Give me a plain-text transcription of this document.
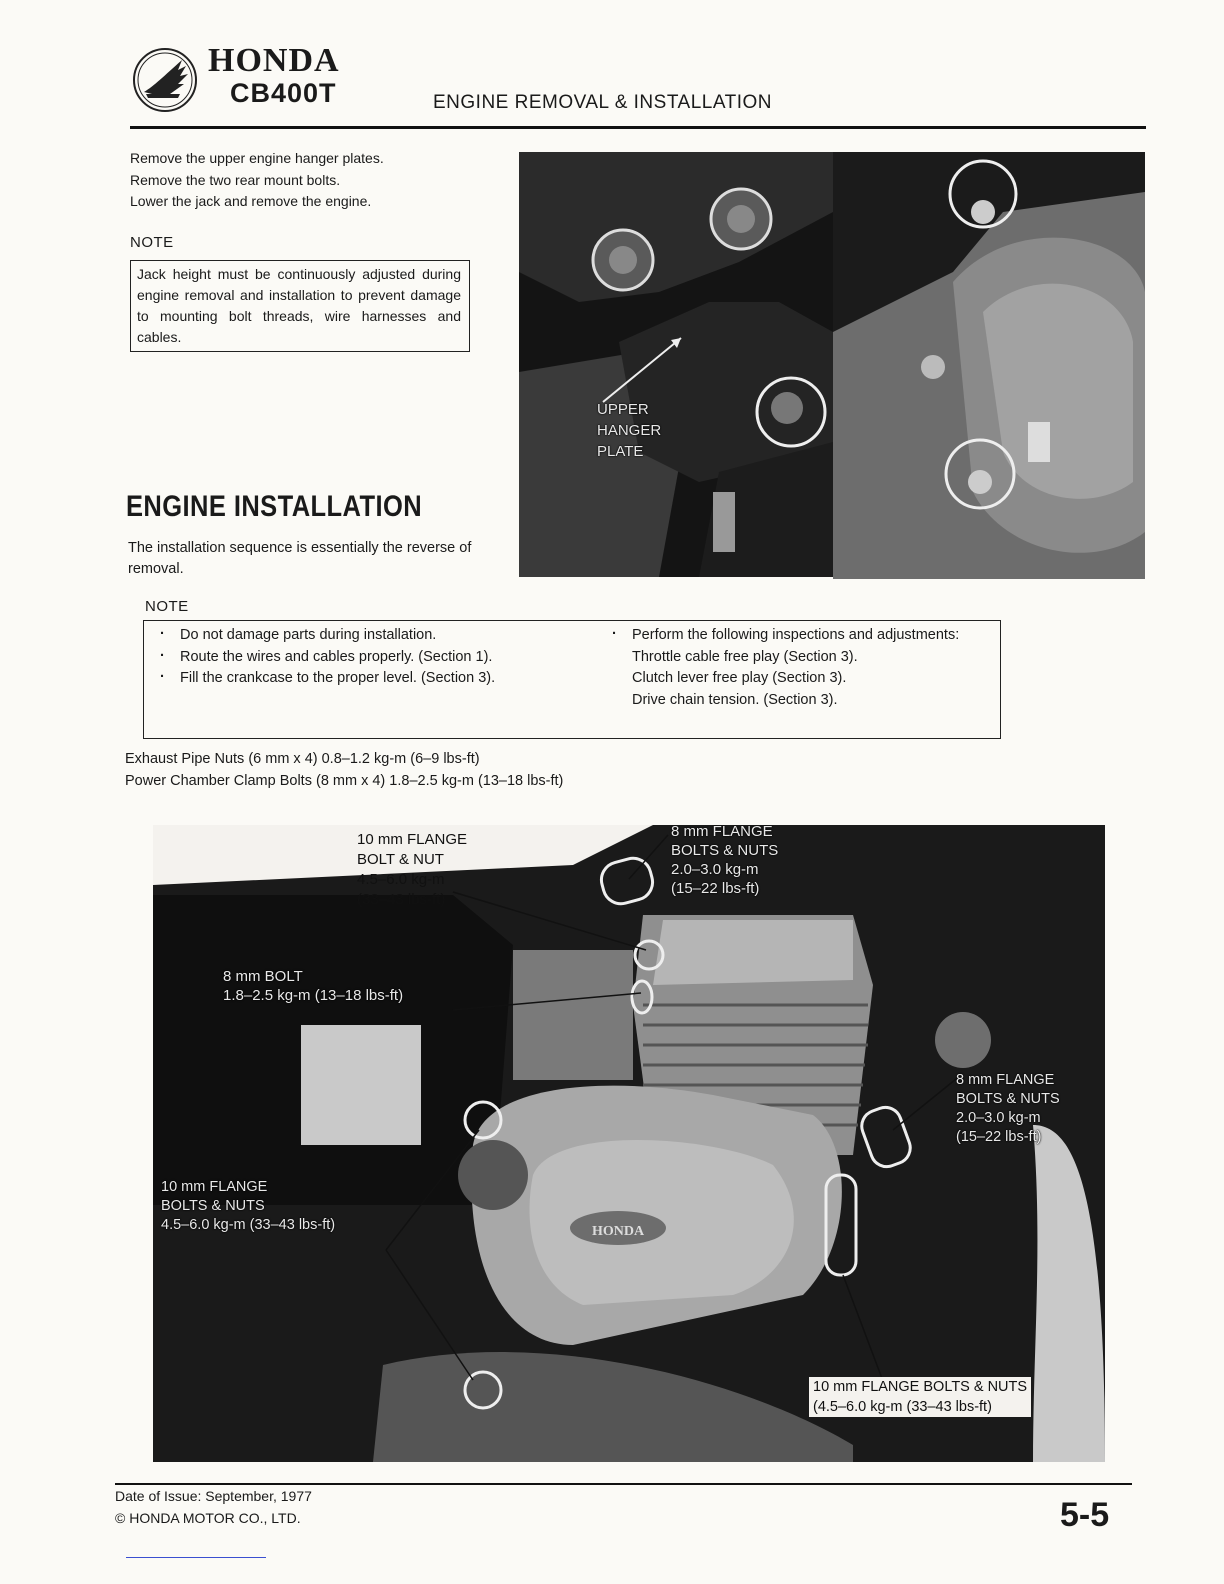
HONDA
CB400T	ENGINE REMOVAL & INSTALLATION
Remove the upper engine hanger plates.
Remove the two rear mount bolts.
Lower the jack and remove the engine.
NOTE
Jack height must be continuously adjusted during engine removal and installation to prevent damage to mounting bolt threads, wire harnesses and cables.
ENGINE INSTALLATION
The installation sequence is essentially the reverse of removal.
NOTE
· Do not damage parts during installation.
· Route the wires and cables properly. (Section 1).
· Fill the crankcase to the proper level. (Section 3).
· Perform the following inspections and adjustments:
Throttle cable free play (Section 3).
Clutch lever free play (Section 3).
Drive chain tension. (Section 3).
Exhaust Pipe Nuts (6 mm x 4) 0.8–1.2 kg-m (6–9 lbs-ft)
Power Chamber Clamp Bolts (8 mm x 4) 1.8–2.5 kg-m (13–18 lbs-ft)
UPPER
HANGER
PLATE
HONDA
10 mm FLANGE
BOLT & NUT
4.5–6.0 kg-m
(33–43 lbs-ft)
8 mm FLANGE
BOLTS & NUTS
2.0–3.0 kg-m
(15–22 lbs-ft)
8 mm BOLT
1.8–2.5 kg-m (13–18 lbs-ft)
8 mm FLANGE
BOLTS & NUTS
2.0–3.0 kg-m
(15–22 lbs-ft)
10 mm FLANGE
BOLTS & NUTS
4.5–6.0 kg-m (33–43 lbs-ft)
10 mm FLANGE BOLTS & NUTS
(4.5–6.0 kg-m (33–43 lbs-ft)
Date of Issue: September, 1977
© HONDA MOTOR CO., LTD.	5-5
